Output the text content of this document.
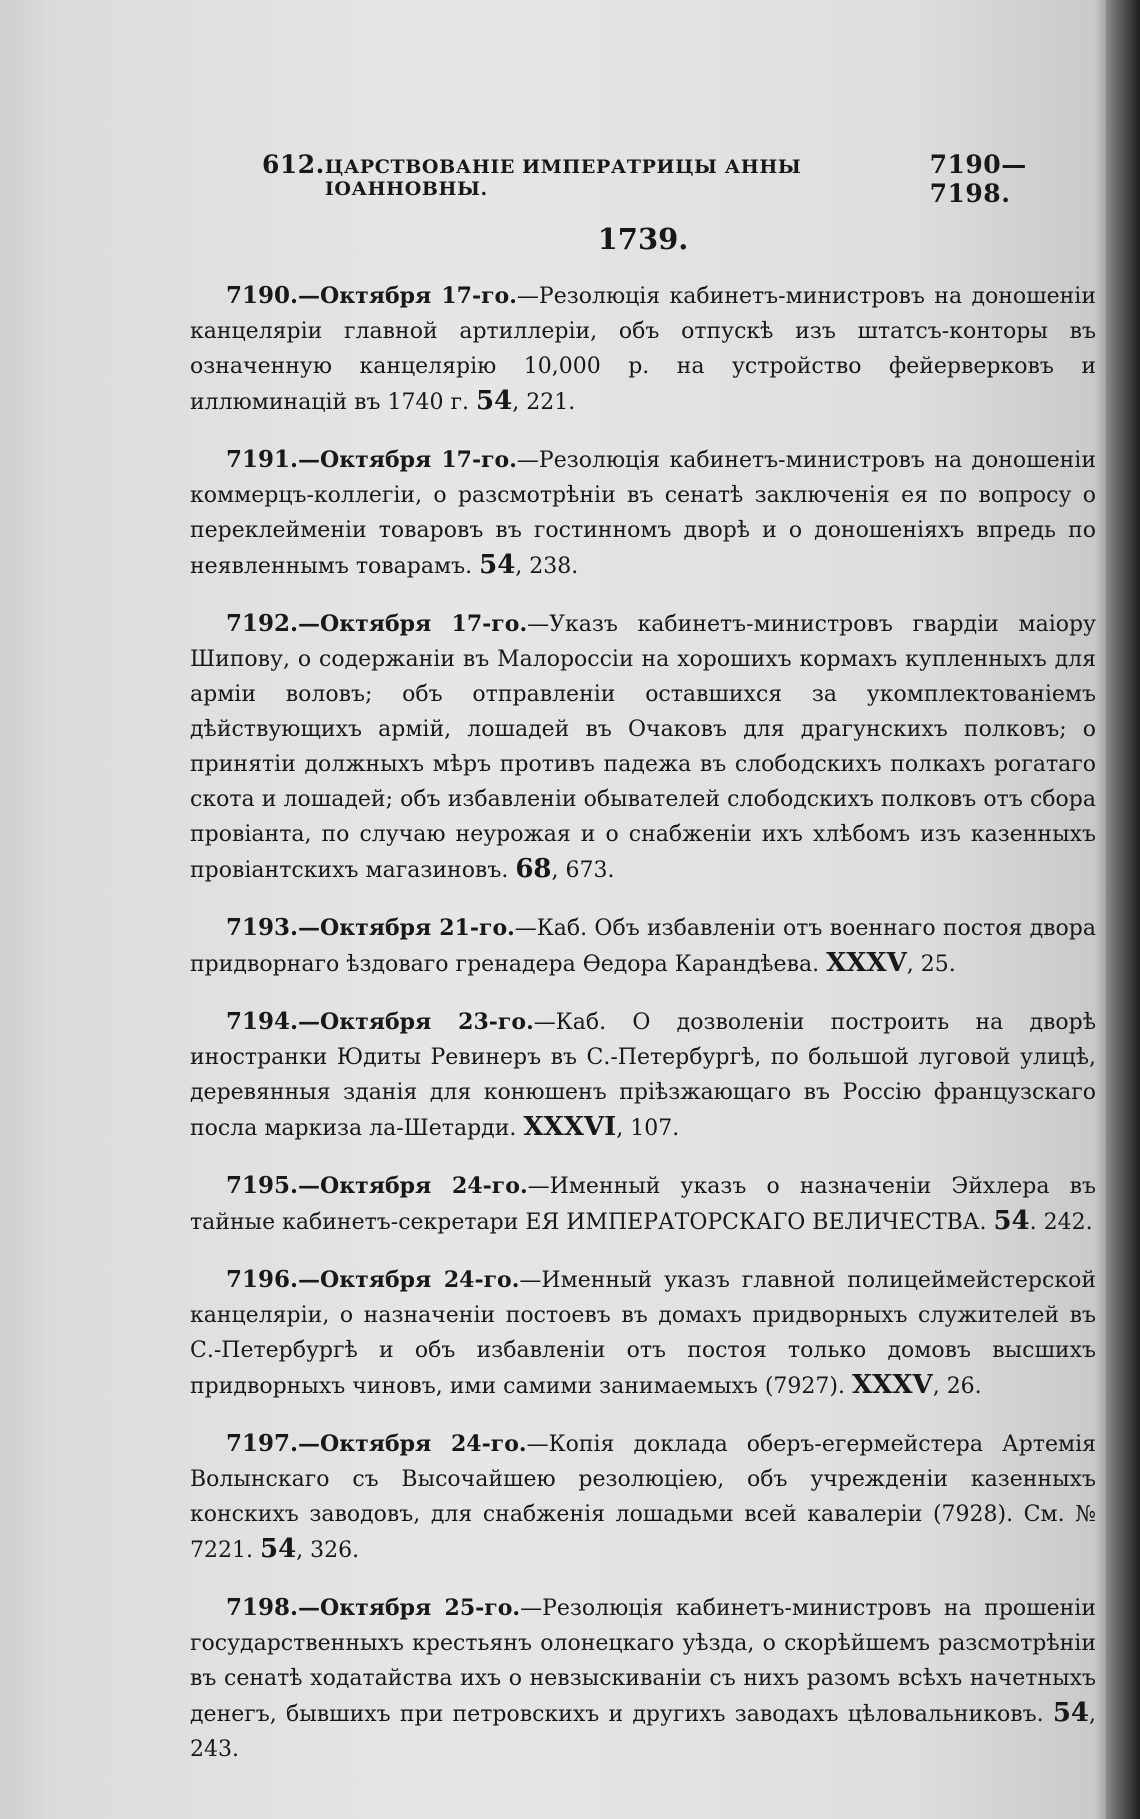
612. ЦАРСТВОВАНІЕ ИМПЕРАТРИЦЫ АННЫ ІОАННОВНЫ.
7190—7198.
1739.

7190.—Октября 17-го.—Резолюція кабинетъ-министровъ на доношеніи канцеляріи главной артиллеріи, объ отпускѣ изъ штатсъ-конторы въ означенную канцелярію 10,000 р. на устройство фейерверковъ и иллюминацій въ 1740 г. 54, 221.

7191.—Октября 17-го.—Резолюція кабинетъ-министровъ на доношеніи коммерцъ-коллегіи, о разсмотрѣніи въ сенатѣ заключенія ея по вопросу о переклейменіи товаровъ въ гостинномъ дворѣ и о доношеніяхъ впредь по неявленнымъ товарамъ. 54, 238.

7192.—Октября 17-го.—Указъ кабинетъ-министровъ гвардіи маіору Шипову, о содержаніи въ Малороссіи на хорошихъ кормахъ купленныхъ для арміи воловъ; объ отправленіи оставшихся за укомплектованіемъ дѣйствующихъ армій, лошадей въ Очаковъ для драгунскихъ полковъ; о принятіи должныхъ мѣръ противъ падежа въ слободскихъ полкахъ рогатаго скота и лошадей; объ избавленіи обывателей слободскихъ полковъ отъ сбора провіанта, по случаю неурожая и о снабженіи ихъ хлѣбомъ изъ казенныхъ провіантскихъ магазиновъ. 68, 673.

7193.—Октября 21-го.—Каб. Объ избавленіи отъ военнаго постоя двора придворнаго ѣздоваго гренадера Ѳедора Карандѣева. XXXV, 25.

7194.—Октября 23-го.—Каб. О дозволеніи построить на дворѣ иностранки Юдиты Ревинеръ въ С.-Петербургѣ, по большой луговой улицѣ, деревянныя зданія для конюшенъ пріѣзжающаго въ Россію французскаго посла маркиза ла-Шетарди. XXXVI, 107.

7195.—Октября 24-го.—Именный указъ о назначеніи Эйхлера въ тайные кабинетъ-секретари ЕЯ ИМПЕРАТОРСКАГО ВЕЛИЧЕСТВА. 54. 242.

7196.—Октября 24-го.—Именный указъ главной полицеймейстерской канцеляріи, о назначеніи постоевъ въ домахъ придворныхъ служителей въ С.-Петербургѣ и объ избавленіи отъ постоя только домовъ высшихъ придворныхъ чиновъ, ими самими занимаемыхъ (7927). XXXV, 26.

7197.—Октября 24-го.—Копія доклада оберъ-егермейстера Артемія Волынскаго съ Высочайшею резолюціею, объ учрежденіи казенныхъ конскихъ заводовъ, для снабженія лошадьми всей кавалеріи (7928). См. № 7221. 54, 326.

7198.—Октября 25-го.—Резолюція кабинетъ-министровъ на прошеніи государственныхъ крестьянъ олонецкаго уѣзда, о скорѣйшемъ разсмотрѣніи въ сенатѣ ходатайства ихъ о невзыскиваніи съ нихъ разомъ всѣхъ начетныхъ денегъ, бывшихъ при петровскихъ и другихъ заводахъ цѣловальниковъ. 54, 243.
